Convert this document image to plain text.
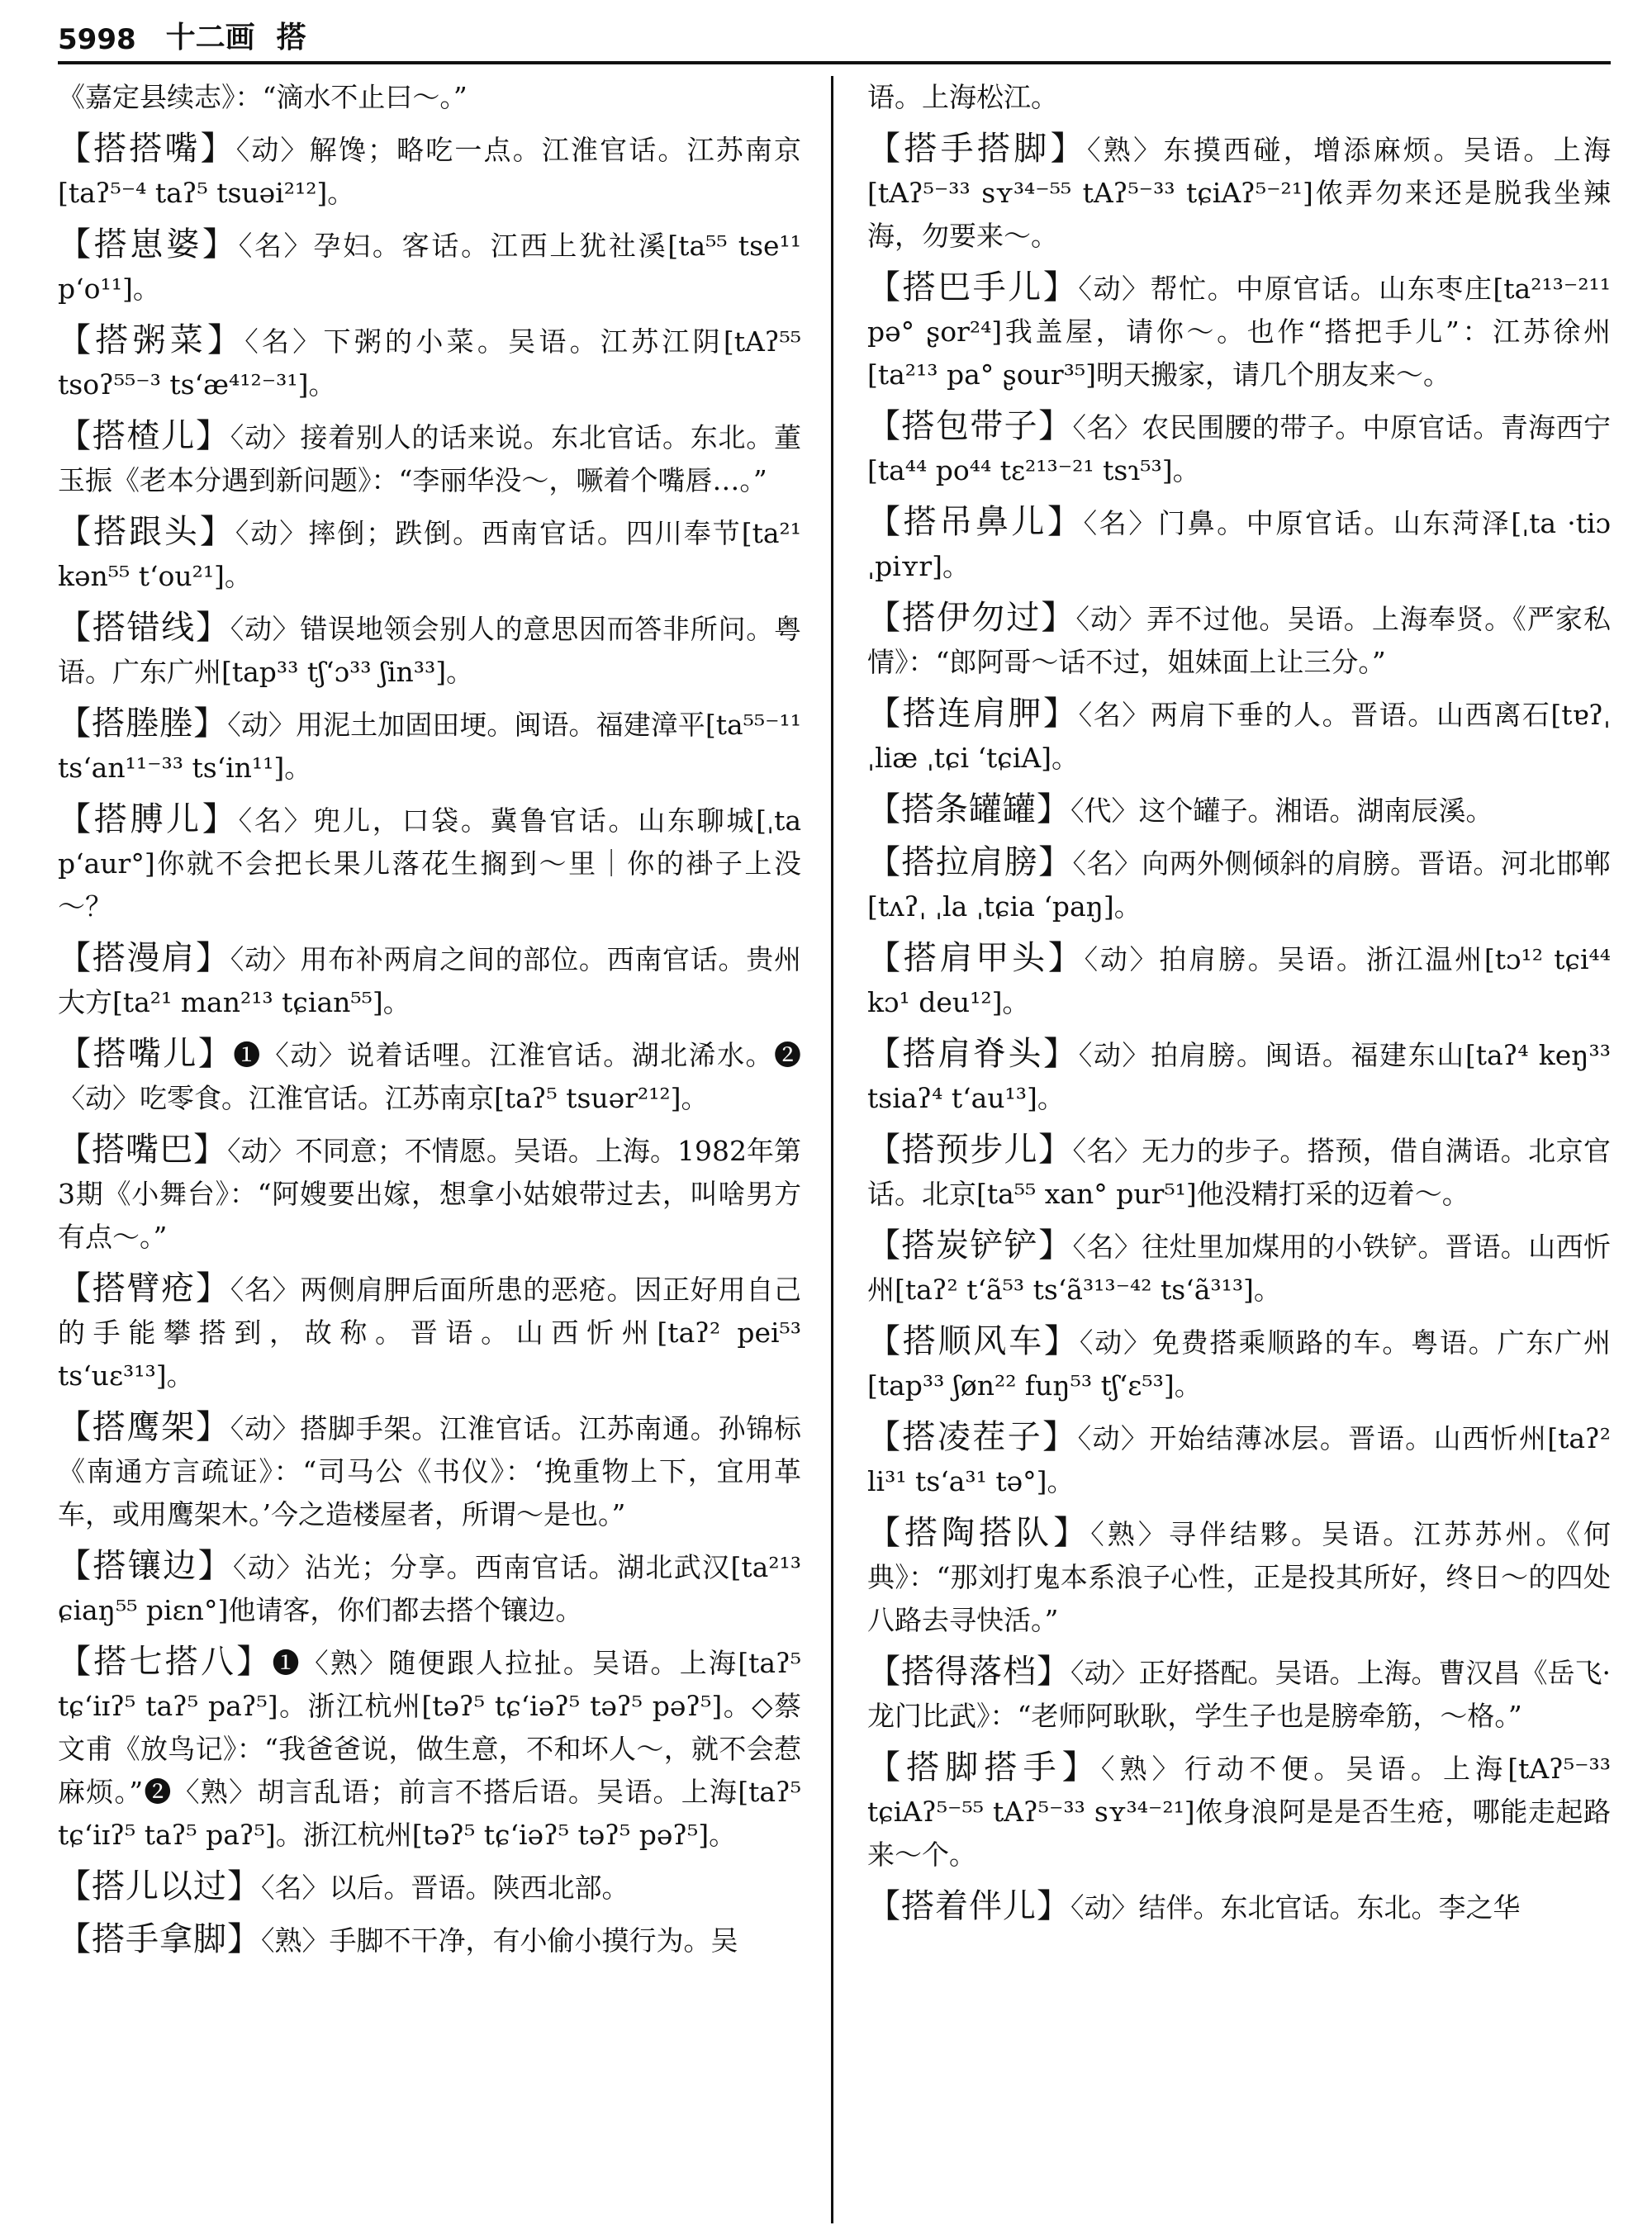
5998 十二画 搭

《嘉定县续志》：“滴水不止曰～。”

【搭搭嘴】〈动〉解馋；略吃一点。江淮官话。江苏南京[taʔ⁵⁻⁴ taʔ⁵ tsuəi²¹²]。

【搭崽婆】〈名〉孕妇。客话。江西上犹社溪[ta⁵⁵ tse¹¹ p‘o¹¹]。

【搭粥菜】〈名〉下粥的小菜。吴语。江苏江阴[tAʔ⁵⁵ tsoʔ⁵⁵⁻³ ts‘æ⁴¹²⁻³¹]。

【搭楂儿】〈动〉接着别人的话来说。东北官话。东北。董玉振《老本分遇到新问题》：“李丽华没～，噘着个嘴唇…。”

【搭跟头】〈动〉摔倒；跌倒。西南官话。四川奉节[ta²¹ kən⁵⁵ t‘ou²¹]。

【搭错线】〈动〉错误地领会别人的意思因而答非所问。粤语。广东广州[tap³³ tʃ‘ɔ³³ ʃin³³]。

【搭塍塍】〈动〉用泥土加固田埂。闽语。福建漳平[ta⁵⁵⁻¹¹ ts‘an¹¹⁻³³ ts‘in¹¹]。

【搭膊儿】〈名〉兜儿，口袋。冀鲁官话。山东聊城[ˌta p‘aur°]你就不会把长果儿落花生搁到～里｜你的褂子上没～？

【搭漫肩】〈动〉用布补两肩之间的部位。西南官话。贵州大方[ta²¹ man²¹³ tɕian⁵⁵]。

【搭嘴儿】❶〈动〉说着话哩。江淮官话。湖北浠水。❷〈动〉吃零食。江淮官话。江苏南京[taʔ⁵ tsuər²¹²]。

【搭嘴巴】〈动〉不同意；不情愿。吴语。上海。1982年第3期《小舞台》：“阿嫂要出嫁，想拿小姑娘带过去，叫啥男方有点～。”

【搭臂疮】〈名〉两侧肩胛后面所患的恶疮。因正好用自己的手能攀搭到，故称。晋语。山西忻州[taʔ² pei⁵³ ts‘uɛ³¹³]。

【搭鹰架】〈动〉搭脚手架。江淮官话。江苏南通。孙锦标《南通方言疏证》：“司马公《书仪》：‘挽重物上下，宜用革车，或用鹰架木。’今之造楼屋者，所谓～是也。”

【搭镶边】〈动〉沾光；分享。西南官话。湖北武汉[ta²¹³ ɕiaŋ⁵⁵ piɛn°]他请客，你们都去搭个镶边。

【搭七搭八】❶〈熟〉随便跟人拉扯。吴语。上海[taʔ⁵ tɕ‘iɪʔ⁵ taʔ⁵ paʔ⁵]。浙江杭州[təʔ⁵ tɕ‘iəʔ⁵ təʔ⁵ pəʔ⁵]。◇蔡文甫《放鸟记》：“我爸爸说，做生意，不和坏人～，就不会惹麻烦。”❷〈熟〉胡言乱语；前言不搭后语。吴语。上海[taʔ⁵ tɕ‘iɪʔ⁵ taʔ⁵ paʔ⁵]。浙江杭州[təʔ⁵ tɕ‘iəʔ⁵ təʔ⁵ pəʔ⁵]。

【搭儿以过】〈名〉以后。晋语。陕西北部。

【搭手拿脚】〈熟〉手脚不干净，有小偷小摸行为。吴

语。上海松江。

【搭手搭脚】〈熟〉东摸西碰，增添麻烦。吴语。上海[tAʔ⁵⁻³³ sʏ³⁴⁻⁵⁵ tAʔ⁵⁻³³ tɕiAʔ⁵⁻²¹]侬弄勿来还是脱我坐辣海，勿要来～。

【搭巴手儿】〈动〉帮忙。中原官话。山东枣庄[ta²¹³⁻²¹¹ pə° ʂor²⁴]我盖屋，请你～。也作“搭把手儿”：江苏徐州[ta²¹³ pa° ʂour³⁵]明天搬家，请几个朋友来～。

【搭包带子】〈名〉农民围腰的带子。中原官话。青海西宁[ta⁴⁴ po⁴⁴ tɛ²¹³⁻²¹ tsɿ⁵³]。

【搭吊鼻儿】〈名〉门鼻。中原官话。山东菏泽[ˌta ·tiɔ ˌpiʏr]。

【搭伊勿过】〈动〉弄不过他。吴语。上海奉贤。《严家私情》：“郎阿哥～话不过，姐妹面上让三分。”

【搭连肩胛】〈名〉两肩下垂的人。晋语。山西离石[tɐʔˌ ˌliæ ˌtɕi ‘tɕiA]。

【搭条罐罐】〈代〉这个罐子。湘语。湖南辰溪。

【搭拉肩膀】〈名〉向两外侧倾斜的肩膀。晋语。河北邯郸[tʌʔˌ ˌla ˌtɕia ‘paŋ]。

【搭肩甲头】〈动〉拍肩膀。吴语。浙江温州[tɔ¹² tɕi⁴⁴ kɔ¹ deu¹²]。

【搭肩脊头】〈动〉拍肩膀。闽语。福建东山[taʔ⁴ keŋ³³ tsiaʔ⁴ t‘au¹³]。

【搭预步儿】〈名〉无力的步子。搭预，借自满语。北京官话。北京[ta⁵⁵ xan° pur⁵¹]他没精打采的迈着～。

【搭炭铲铲】〈名〉往灶里加煤用的小铁铲。晋语。山西忻州[taʔ² t‘ã⁵³ ts‘ã³¹³⁻⁴² ts‘ã³¹³]。

【搭顺风车】〈动〉免费搭乘顺路的车。粤语。广东广州[tap³³ ʃøn²² fuŋ⁵³ tʃ‘ɛ⁵³]。

【搭凌茬子】〈动〉开始结薄冰层。晋语。山西忻州[taʔ² li³¹ ts‘a³¹ tə°]。

【搭陶搭队】〈熟〉寻伴结夥。吴语。江苏苏州。《何典》：“那刘打鬼本系浪子心性，正是投其所好，终日～的四处八路去寻快活。”

【搭得落档】〈动〉正好搭配。吴语。上海。曹汉昌《岳飞·龙门比武》：“老师阿耿耿，学生子也是膀牵筋，～格。”

【搭脚搭手】〈熟〉行动不便。吴语。上海[tAʔ⁵⁻³³ tɕiAʔ⁵⁻⁵⁵ tAʔ⁵⁻³³ sʏ³⁴⁻²¹]侬身浪阿是是否生疮，哪能走起路来～个。

【搭着伴儿】〈动〉结伴。东北官话。东北。李之华
